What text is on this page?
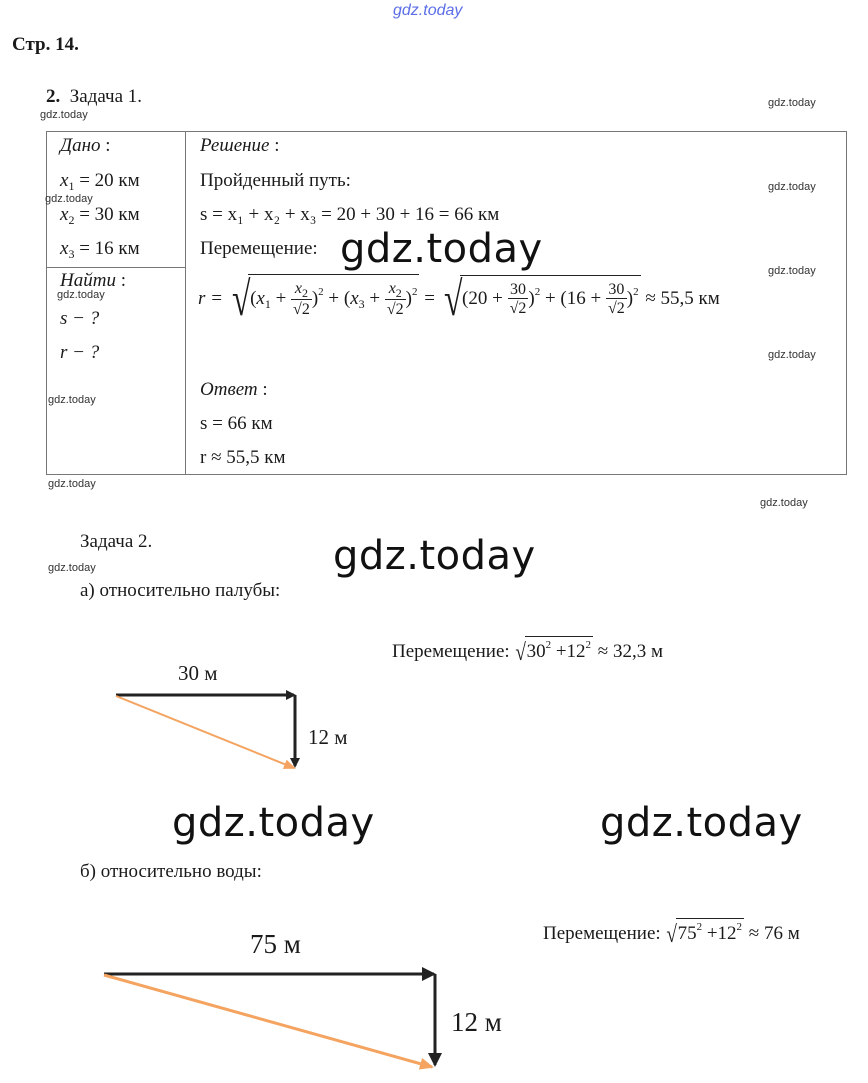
gdz.today
Стр. 14.
2. Задача 1.	gdz.today
gdz.today
Дано :
$x_1 = 20$ км
gdz.today
$x_2 = 30$ км
$x_3 = 16$ км
Найти :
gdz.today
s − ?
r − ?
gdz.today
Решение :
Пройденный путь:	gdz.today
s = x₁ + x₂ + x₃ = 20 + 30 + 16 = 66 км
Перемещение: gdz.today	gdz.today
$r = √(x_1 + \frac{x_2}{√2} )^2 + (x_3 + \frac{x_2}{√2} )^2 = √(20 + \frac{30}{√2} )^2 + (16 + \frac{30}{√2} )^2 \approx 55,5$ км
gdz.today
Ответ :
s = 66 км
r ≈ 55,5 км
gdz.today
gdz.today
Задача 2.	gdz.today
gdz.today
а) относительно палубы:
Перемещение: $√30^2 +12^2 \approx 32,3$ м
30 м
12 м
gdz.today	gdz.today
б) относительно воды:
Перемещение: $√75^2 +12^2 \approx 76$ м
75 м
12 м
